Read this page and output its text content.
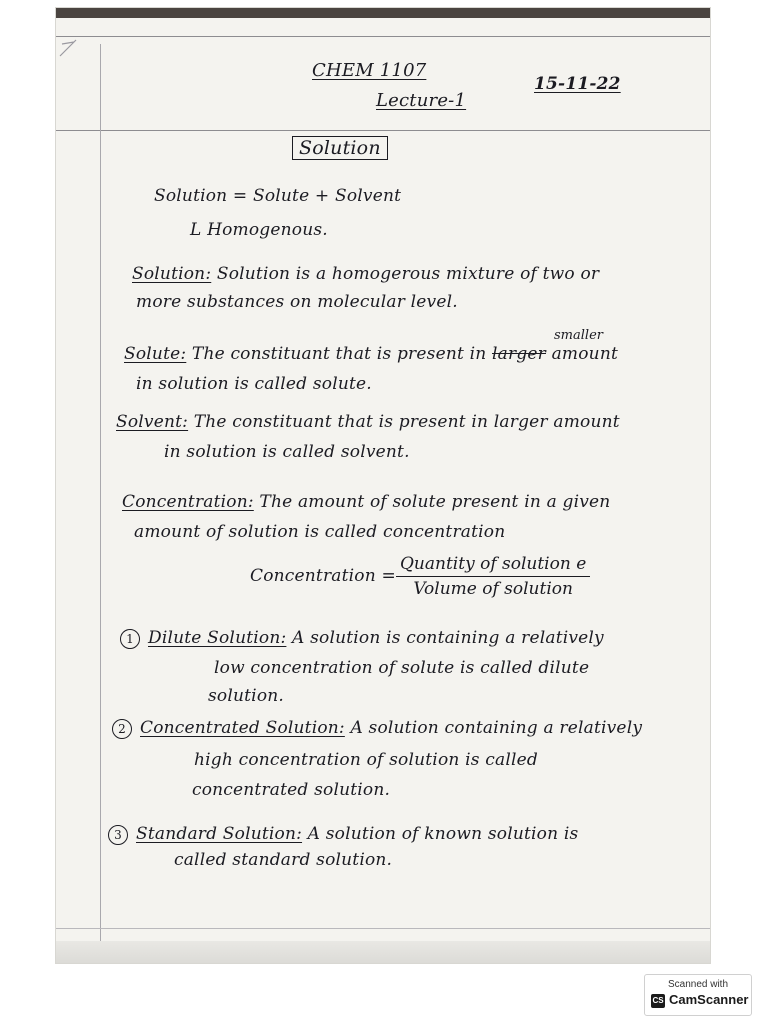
CHEM 1107
Lecture-1
15-11-22
Solution
Solution = Solute + Solvent
L Homogenous.
Solution: Solution is a homogerous mixture of two or
more substances on molecular level.
smaller
Solute: The constituant that is present in larger amount
in solution is called solute.
Solvent: The constituant that is present in larger amount
in solution is called solvent.
Concentration: The amount of solute present in a given
amount of solution is called concentration
Concentration =
Quantity of solution e
Volume of solution
1 Dilute Solution: A solution is containing a relatively
low concentration of solute is called dilute
solution.
2 Concentrated Solution: A solution containing a relatively
high concentration of solution is called
concentrated solution.
3 Standard Solution: A solution of known solution is
called standard solution.
Scanned with
CS CamScanner
